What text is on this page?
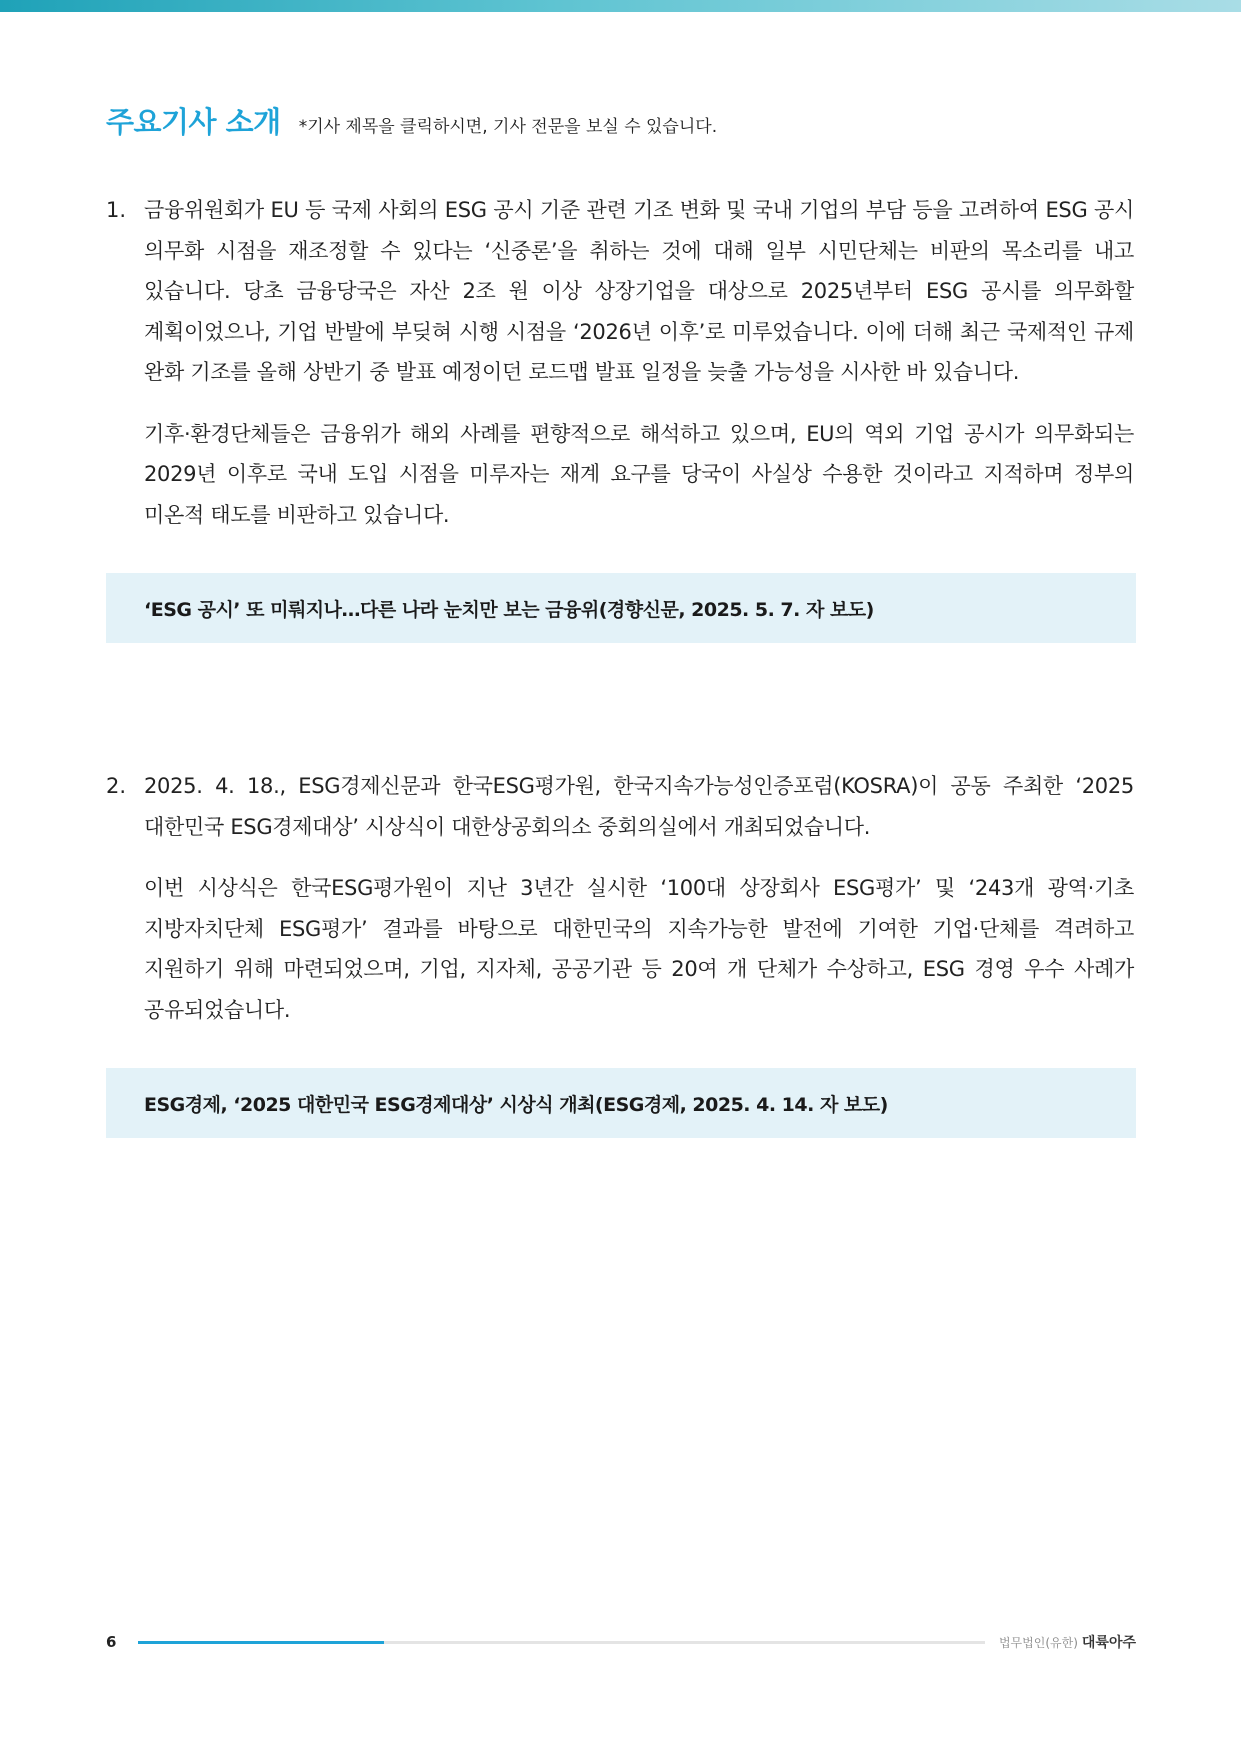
주요기사 소개 *기사 제목을 클릭하시면, 기사 전문을 보실 수 있습니다.
1. 금융위원회가 EU 등 국제 사회의 ESG 공시 기준 관련 기조 변화 및 국내 기업의 부담 등을 고려하여 ESG 공시 의무화 시점을 재조정할 수 있다는 ‘신중론’을 취하는 것에 대해 일부 시민단체는 비판의 목소리를 내고 있습니다. 당초 금융당국은 자산 2조 원 이상 상장기업을 대상으로 2025년부터 ESG 공시를 의무화할 계획이었으나, 기업 반발에 부딪혀 시행 시점을 ‘2026년 이후’로 미루었습니다. 이에 더해 최근 국제적인 규제 완화 기조를 올해 상반기 중 발표 예정이던 로드맵 발표 일정을 늦출 가능성을 시사한 바 있습니다.

기후·환경단체들은 금융위가 해외 사례를 편향적으로 해석하고 있으며, EU의 역외 기업 공시가 의무화되는 2029년 이후로 국내 도입 시점을 미루자는 재계 요구를 당국이 사실상 수용한 것이라고 지적하며 정부의 미온적 태도를 비판하고 있습니다.

‘ESG 공시’ 또 미뤄지나…다른 나라 눈치만 보는 금융위(경향신문, 2025. 5. 7. 자 보도)
2. 2025. 4. 18., ESG경제신문과 한국ESG평가원, 한국지속가능성인증포럼(KOSRA)이 공동 주최한 ‘2025 대한민국 ESG경제대상’ 시상식이 대한상공회의소 중회의실에서 개최되었습니다.

이번 시상식은 한국ESG평가원이 지난 3년간 실시한 ‘100대 상장회사 ESG평가’ 및 ‘243개 광역·기초 지방자치단체 ESG평가’ 결과를 바탕으로 대한민국의 지속가능한 발전에 기여한 기업·단체를 격려하고 지원하기 위해 마련되었으며, 기업, 지자체, 공공기관 등 20여 개 단체가 수상하고, ESG 경영 우수 사례가 공유되었습니다.

ESG경제, ‘2025 대한민국 ESG경제대상’ 시상식 개최(ESG경제, 2025. 4. 14. 자 보도)
6	법무법인(유한) 대륙아주
